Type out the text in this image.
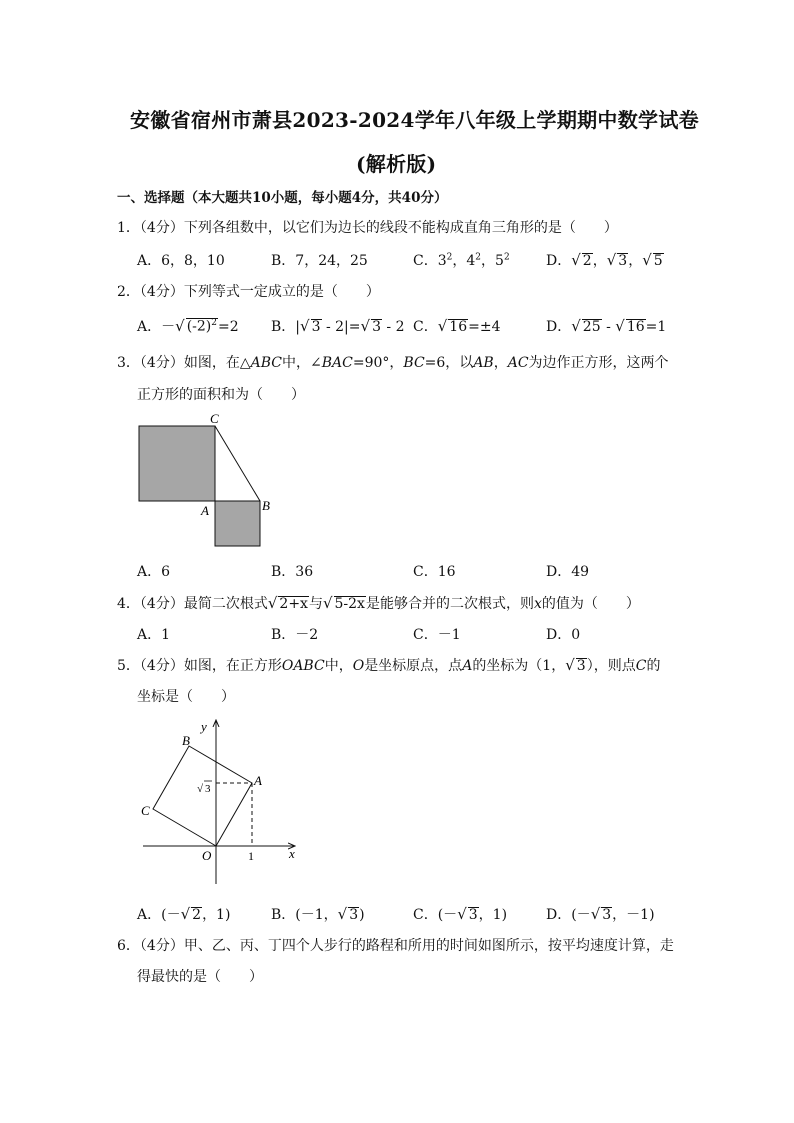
安徽省宿州市萧县2023-2024学年八年级上学期期中数学试卷
(解析版)
一、选择题（本大题共10小题，每小题4分，共40分）
1．（4分）下列各组数中，以它们为边长的线段不能构成直角三角形的是（　　）
A．6，8，10	B．7，24，25	C．$3^2$，$4^2$，$5^2$	D．√ 2，√ 3，√ 5
2．（4分）下列等式一定成立的是（　　）
A．－√ $(-2)^2=2$ B．|√ 3 - 2|=√ 3 - 2 C．√ 16=±4	D．√ 25 - √ 16=1
3．（4分）如图，在△ABC中，∠BAC=90°，BC=6，以AB，AC为边作正方形，这两个
正方形的面积和为（　　）
C
A	B
A．6	B．36	C．16	D．49
4．（4分）最简二次根式√ 2+x与√ 5-2x是能够合并的二次根式，则x的值为（　　）
A．1	B．－2	C．－1	D．0
5．（4分）如图，在正方形OABC中，O是坐标原点，点A的坐标为（1，√ 3），则点C的
坐标是（　　）
y
x
B
A
C
O	1
√ 3
A．(－√ 2，1)	B．(－1，√ 3)	C．(－√ 3，1)	D．(－√ 3，－1)
6．（4分）甲、乙、丙、丁四个人步行的路程和所用的时间如图所示，按平均速度计算，走
得最快的是（　　）
